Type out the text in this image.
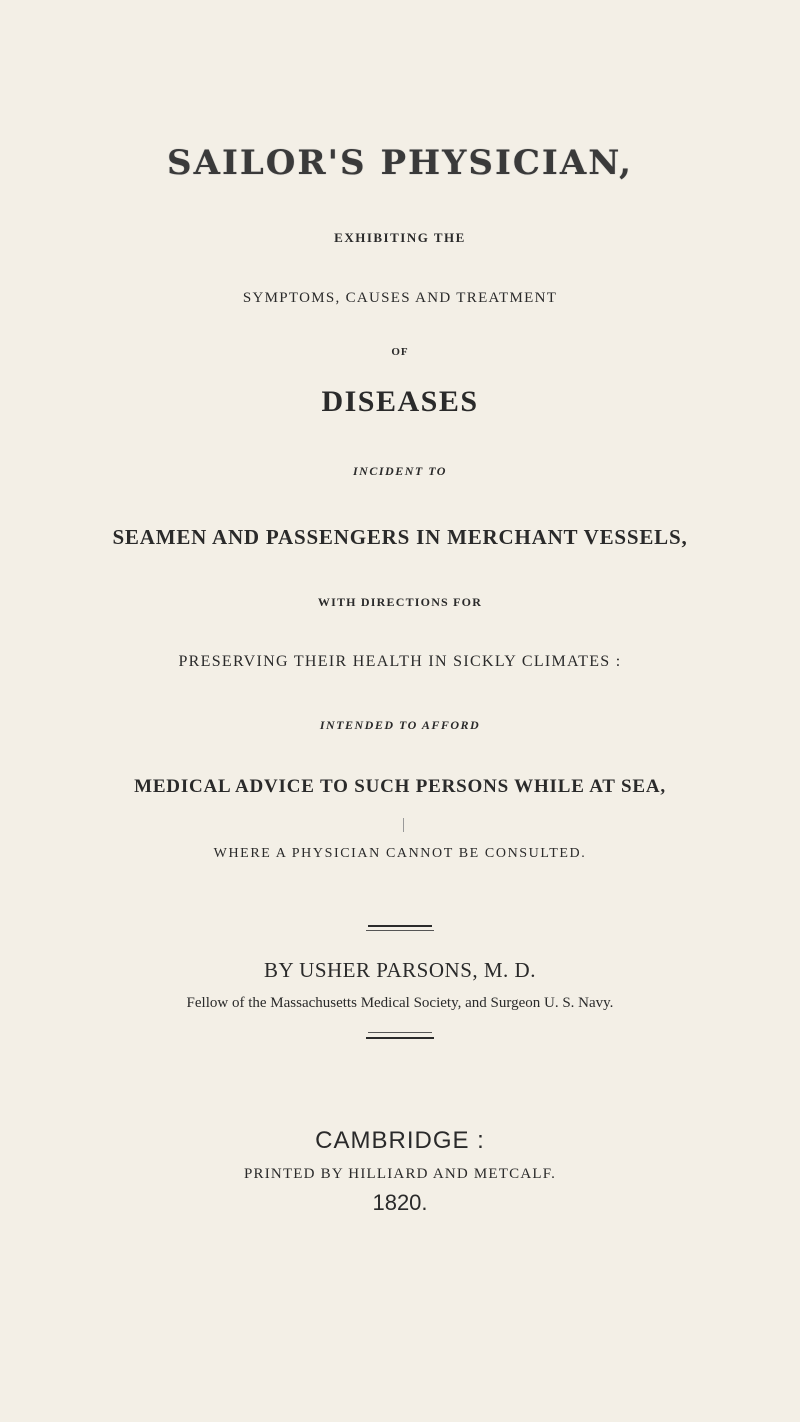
SAILOR'S PHYSICIAN,
EXHIBITING THE
SYMPTOMS, CAUSES AND TREATMENT
OF
DISEASES
INCIDENT TO
SEAMEN AND PASSENGERS IN MERCHANT VESSELS,
WITH DIRECTIONS FOR
PRESERVING THEIR HEALTH IN SICKLY CLIMATES :
INTENDED TO AFFORD
MEDICAL ADVICE TO SUCH PERSONS WHILE AT SEA,
WHERE A PHYSICIAN CANNOT BE CONSULTED.
BY USHER PARSONS, M. D.
Fellow of the Massachusetts Medical Society, and Surgeon U. S. Navy.
CAMBRIDGE :
PRINTED BY HILLIARD AND METCALF.
1820.
